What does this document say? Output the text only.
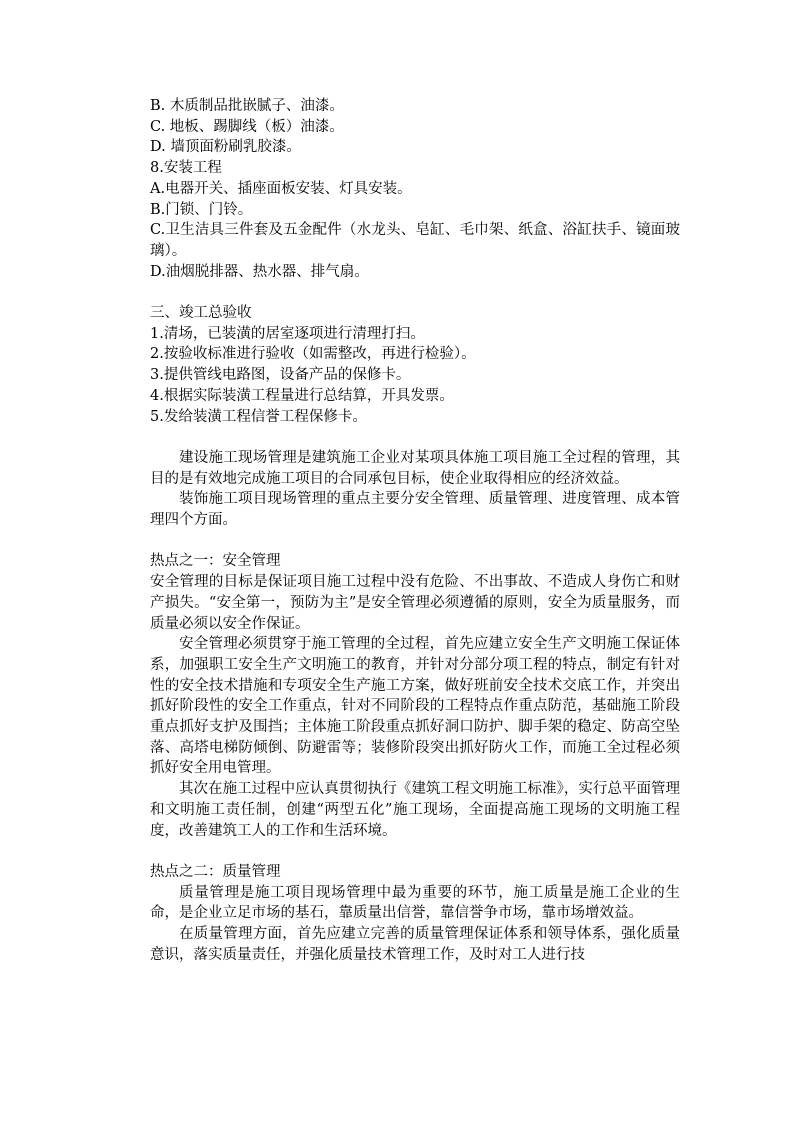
B. 木质制品批嵌腻子、油漆。
C. 地板、踢脚线（板）油漆。
D. 墙顶面粉刷乳胶漆。
8.安装工程
A.电器开关、插座面板安装、灯具安装。
B.门锁、门铃。
C.卫生洁具三件套及五金配件（水龙头、皂缸、毛巾架、纸盒、浴缸扶手、镜面玻璃）。
D.油烟脱排器、热水器、排气扇。
三、竣工总验收
1.清场，已装潢的居室逐项进行清理打扫。
2.按验收标准进行验收（如需整改，再进行检验）。
3.提供管线电路图，设备产品的保修卡。
4.根据实际装潢工程量进行总结算，开具发票。
5.发给装潢工程信誉工程保修卡。
建设施工现场管理是建筑施工企业对某项具体施工项目施工全过程的管理，其目的是有效地完成施工项目的合同承包目标，使企业取得相应的经济效益。
装饰施工项目现场管理的重点主要分安全管理、质量管理、进度管理、成本管理四个方面。
热点之一：安全管理
安全管理的目标是保证项目施工过程中没有危险、不出事故、不造成人身伤亡和财产损失。“安全第一，预防为主”是安全管理必须遵循的原则，安全为质量服务，而质量必须以安全作保证。
安全管理必须贯穿于施工管理的全过程，首先应建立安全生产文明施工保证体系，加强职工安全生产文明施工的教育，并针对分部分项工程的特点，制定有针对性的安全技术措施和专项安全生产施工方案，做好班前安全技术交底工作，并突出抓好阶段性的安全工作重点，针对不同阶段的工程特点作重点防范，基础施工阶段重点抓好支护及围挡；主体施工阶段重点抓好洞口防护、脚手架的稳定、防高空坠落、高塔电梯防倾倒、防避雷等；装修阶段突出抓好防火工作，而施工全过程必须抓好安全用电管理。
其次在施工过程中应认真贯彻执行《建筑工程文明施工标准》，实行总平面管理和文明施工责任制，创建“两型五化”施工现场，全面提高施工现场的文明施工程度，改善建筑工人的工作和生活环境。
热点之二：质量管理
质量管理是施工项目现场管理中最为重要的环节，施工质量是施工企业的生命，是企业立足市场的基石，靠质量出信誉，靠信誉争市场，靠市场增效益。
在质量管理方面，首先应建立完善的质量管理保证体系和领导体系，强化质量意识，落实质量责任，并强化质量技术管理工作，及时对工人进行技
